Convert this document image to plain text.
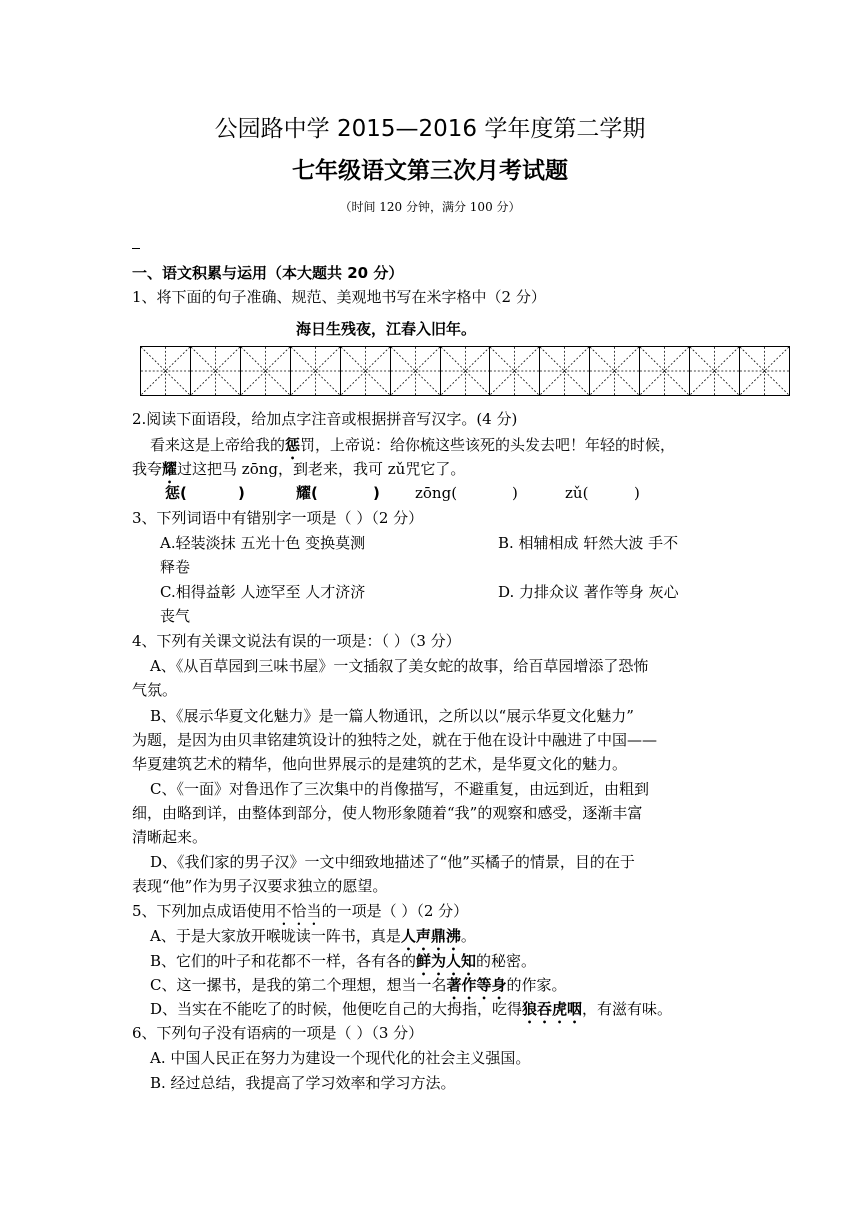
公园路中学 2015—2016 学年度第二学期
七年级语文第三次月考试题
（时间 120 分钟，满分 100 分）
一、语文积累与运用（本大题共 20 分）
1、将下面的句子准确、规范、美观地书写在米字格中（2 分）
海日生残夜，江春入旧年。
2.阅读下面语段，给加点字注音或根据拼音写汉字。(4 分)
看来这是上帝给我的惩罚，上帝说：给你梳这些该死的头发去吧！年轻的时候，
我夸耀过这把马 zōng，到老来，我可 zǔ咒它了。
惩(	)	耀(	) zōng(	)	zǔ(	)
3、下列词语中有错别字一项是（ ）（2 分）
A.轻装淡抹 五光十色 变换莫测	B. 相辅相成 轩然大波 手不
释卷
C.相得益彰 人迹罕至 人才济济	D. 力排众议 著作等身 灰心
丧气
4、下列有关课文说法有误的一项是：（ ）（3 分）
A、《从百草园到三味书屋》一文插叙了美女蛇的故事，给百草园增添了恐怖
气氛。
B、《展示华夏文化魅力》是一篇人物通讯，之所以以“展示华夏文化魅力”
为题，是因为由贝聿铭建筑设计的独特之处，就在于他在设计中融进了中国——
华夏建筑艺术的精华，他向世界展示的是建筑的艺术，是华夏文化的魅力。
C、《一面》对鲁迅作了三次集中的肖像描写，不避重复，由远到近，由粗到
细，由略到详，由整体到部分，使人物形象随着“我”的观察和感受，逐渐丰富
清晰起来。
D、《我们家的男子汉》一文中细致地描述了“他”买橘子的情景，目的在于
表现“他”作为男子汉要求独立的愿望。
5、下列加点成语使用不恰当的一项是（ ）（2 分）
A、于是大家放开喉咙读一阵书，真是人声鼎沸。
B、它们的叶子和花都不一样，各有各的鲜为人知的秘密。
C、这一摞书，是我的第二个理想，想当一名著作等身的作家。
D、当实在不能吃了的时候，他便吃自己的大拇指，吃得狼吞虎咽，有滋有味。
6、下列句子没有语病的一项是（ ）（3 分）
A. 中国人民正在努力为建设一个现代化的社会主义强国。
B. 经过总结，我提高了学习效率和学习方法。
